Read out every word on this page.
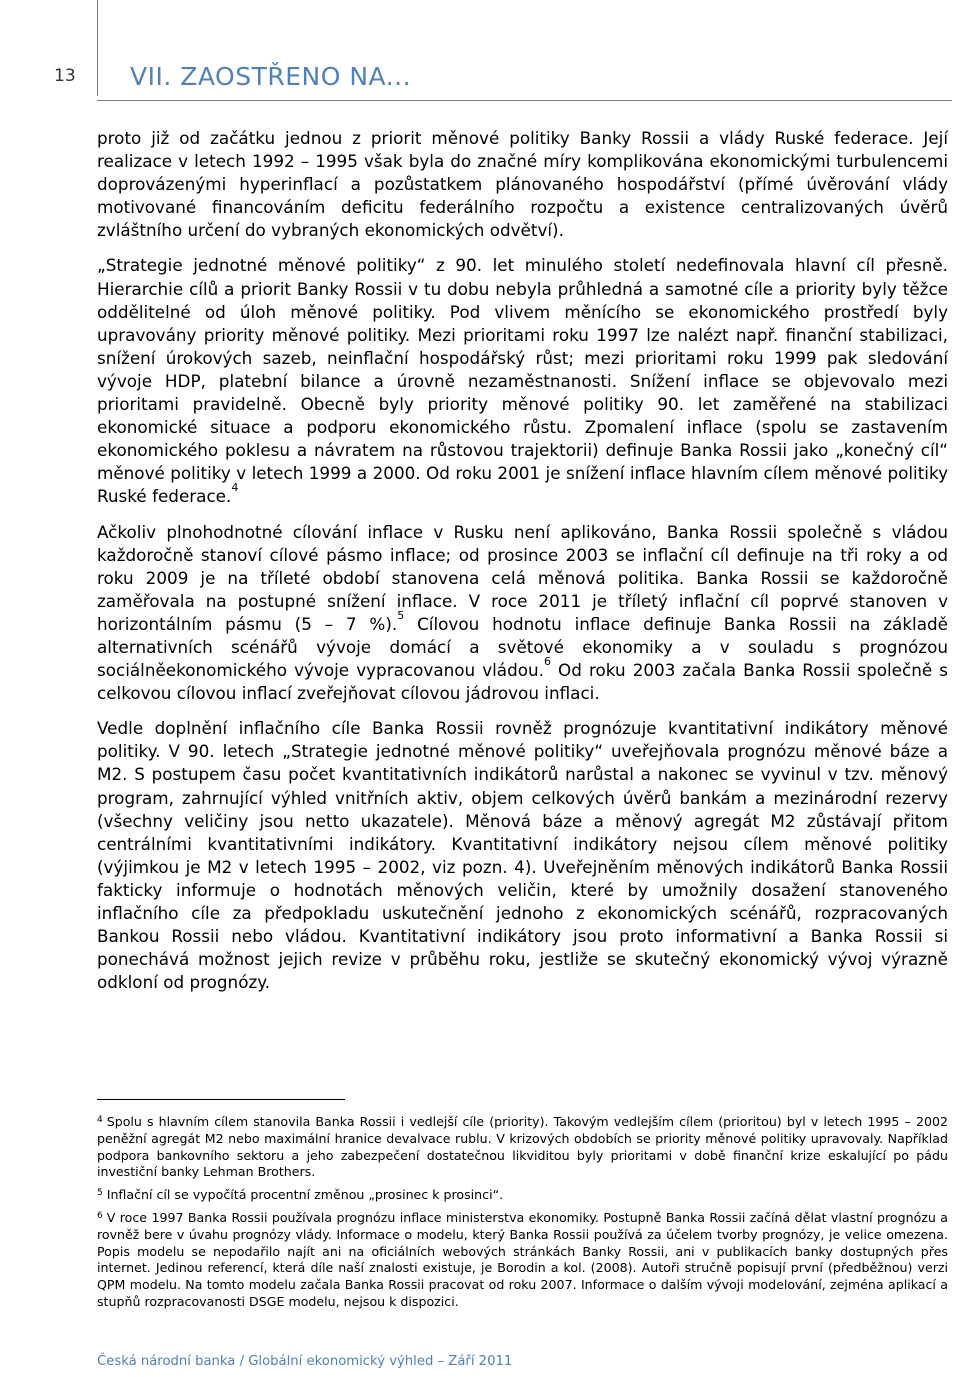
13 VII. ZAOSTŘENO NA...

proto již od začátku jednou z priorit měnové politiky Banky Rossii a vlády Ruské federace. Její realizace v letech 1992 – 1995 však byla do značné míry komplikována ekonomickými turbulencemi doprovázenými hyperinflací a pozůstatkem plánovaného hospodářství (přímé úvěrování vlády motivované financováním deficitu federálního rozpočtu a existence centralizovaných úvěrů zvláštního určení do vybraných ekonomických odvětví).

„Strategie jednotné měnové politiky“ z 90. let minulého století nedefinovala hlavní cíl přesně. Hierarchie cílů a priorit Banky Rossii v tu dobu nebyla průhledná a samotné cíle a priority byly těžce oddělitelné od úloh měnové politiky. Pod vlivem měnícího se ekonomického prostředí byly upravovány priority měnové politiky. Mezi prioritami roku 1997 lze nalézt např. finanční stabilizaci, snížení úrokových sazeb, neinflační hospodářský růst; mezi prioritami roku 1999 pak sledování vývoje HDP, platební bilance a úrovně nezaměstnanosti. Snížení inflace se objevovalo mezi prioritami pravidelně. Obecně byly priority měnové politiky 90. let zaměřené na stabilizaci ekonomické situace a podporu ekonomického růstu. Zpomalení inflace (spolu se zastavením ekonomického poklesu a návratem na růstovou trajektorii) definuje Banka Rossii jako „konečný cíl“ měnové politiky v letech 1999 a 2000. Od roku 2001 je snížení inflace hlavním cílem měnové politiky Ruské federace.$^4$

Ačkoliv plnohodnotné cílování inflace v Rusku není aplikováno, Banka Rossii společně s vládou každoročně stanoví cílové pásmo inflace; od prosince 2003 se inflační cíl definuje na tři roky a od roku 2009 je na tříleté období stanovena celá měnová politika. Banka Rossii se každoročně zaměřovala na postupné snížení inflace. V roce 2011 je tříletý inflační cíl poprvé stanoven v horizontálním pásmu (5 – 7 %).$^5$ Cílovou hodnotu inflace definuje Banka Rossii na základě alternativních scénářů vývoje domácí a světové ekonomiky a v souladu s prognózou sociálněekonomického vývoje vypracovanou vládou.$^6$ Od roku 2003 začala Banka Rossii společně s celkovou cílovou inflací zveřejňovat cílovou jádrovou inflaci.

Vedle doplnění inflačního cíle Banka Rossii rovněž prognózuje kvantitativní indikátory měnové politiky. V 90. letech „Strategie jednotné měnové politiky“ uveřejňovala prognózu měnové báze a M2. S postupem času počet kvantitativních indikátorů narůstal a nakonec se vyvinul v tzv. měnový program, zahrnující výhled vnitřních aktiv, objem celkových úvěrů bankám a mezinárodní rezervy (všechny veličiny jsou netto ukazatele). Měnová báze a měnový agregát M2 zůstávají přitom centrálními kvantitativními indikátory. Kvantitativní indikátory nejsou cílem měnové politiky (výjimkou je M2 v letech 1995 – 2002, viz pozn. 4). Uveřejněním měnových indikátorů Banka Rossii fakticky informuje o hodnotách měnových veličin, které by umožnily dosažení stanoveného inflačního cíle za předpokladu uskutečnění jednoho z ekonomických scénářů, rozpracovaných Bankou Rossii nebo vládou. Kvantitativní indikátory jsou proto informativní a Banka Rossii si ponechává možnost jejich revize v průběhu roku, jestliže se skutečný ekonomický vývoj výrazně odkloní od prognózy.

$^4$ Spolu s hlavním cílem stanovila Banka Rossii i vedlejší cíle (priority). Takovým vedlejším cílem (prioritou) byl v letech 1995 – 2002 peněžní agregát M2 nebo maximální hranice devalvace rublu. V krizových obdobích se priority měnové politiky upravovaly. Například podpora bankovního sektoru a jeho zabezpečení dostatečnou likviditou byly prioritami v době finanční krize eskalující po pádu investiční banky Lehman Brothers.

$^5$ Inflační cíl se vypočítá procentní změnou „prosinec k prosinci“.

$^6$ V roce 1997 Banka Rossii používala prognózu inflace ministerstva ekonomiky. Postupně Banka Rossii začíná dělat vlastní prognózu a rovněž bere v úvahu prognózy vlády. Informace o modelu, který Banka Rossii používá za účelem tvorby prognózy, je velice omezena. Popis modelu se nepodařilo najít ani na oficiálních webových stránkách Banky Rossii, ani v publikacích banky dostupných přes internet. Jedinou referencí, která díle naší znalosti existuje, je Borodin a kol. (2008). Autoři stručně popisují první (předběžnou) verzi QPM modelu. Na tomto modelu začala Banka Rossii pracovat od roku 2007. Informace o dalším vývoji modelování, zejména aplikací a stupňů rozpracovanosti DSGE modelu, nejsou k dispozici.

Česká národní banka / Globální ekonomický výhled – Září 2011
